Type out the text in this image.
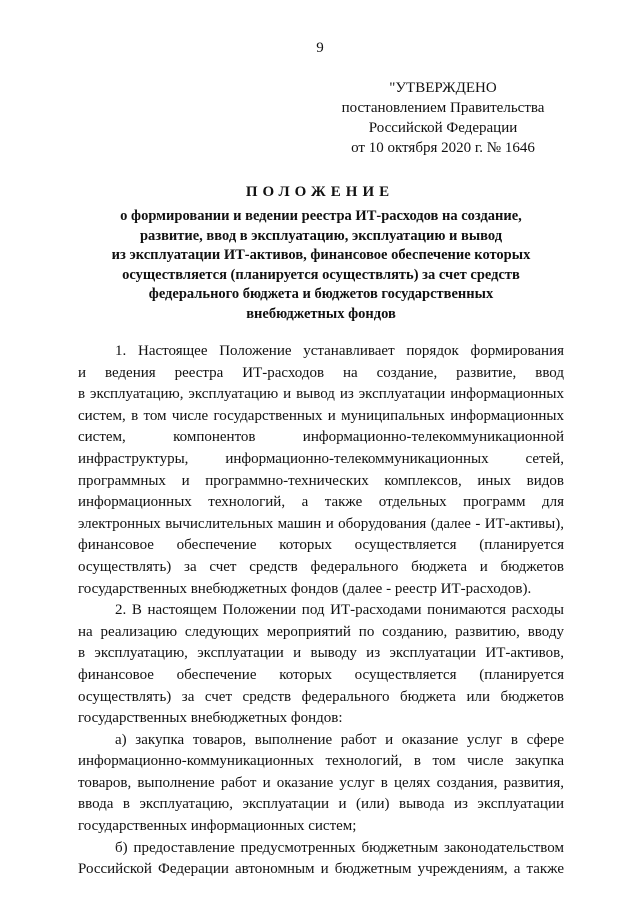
9
"УТВЕРЖДЕНО
постановлением Правительства
Российской Федерации
от 10 октября 2020 г. № 1646
ПОЛОЖЕНИЕ
о формировании и ведении реестра ИТ-расходов на создание,
развитие, ввод в эксплуатацию, эксплуатацию и вывод
из эксплуатации ИТ-активов, финансовое обеспечение которых
осуществляется (планируется осуществлять) за счет средств
федерального бюджета и бюджетов государственных
внебюджетных фондов
1. Настоящее Положение устанавливает порядок формирования
и ведения реестра ИТ-расходов на создание, развитие, ввод
в эксплуатацию, эксплуатацию и вывод из эксплуатации информационных
систем, в том числе государственных и муниципальных информационных
систем, компонентов информационно-телекоммуникационной
инфраструктуры, информационно-телекоммуникационных сетей,
программных и программно-технических комплексов, иных видов
информационных технологий, а также отдельных программ для
электронных вычислительных машин и оборудования (далее - ИТ-активы),
финансовое обеспечение которых осуществляется (планируется
осуществлять) за счет средств федерального бюджета и бюджетов
государственных внебюджетных фондов (далее - реестр ИТ-расходов).
2. В настоящем Положении под ИТ-расходами понимаются расходы
на реализацию следующих мероприятий по созданию, развитию, вводу
в эксплуатацию, эксплуатации и выводу из эксплуатации ИТ-активов,
финансовое обеспечение которых осуществляется (планируется
осуществлять) за счет средств федерального бюджета или бюджетов
государственных внебюджетных фондов:
а) закупка товаров, выполнение работ и оказание услуг в сфере
информационно-коммуникационных технологий, в том числе закупка
товаров, выполнение работ и оказание услуг в целях создания, развития,
ввода в эксплуатацию, эксплуатации и (или) вывода из эксплуатации
государственных информационных систем;
б) предоставление предусмотренных бюджетным законодательством
Российской Федерации автономным и бюджетным учреждениям, а также
